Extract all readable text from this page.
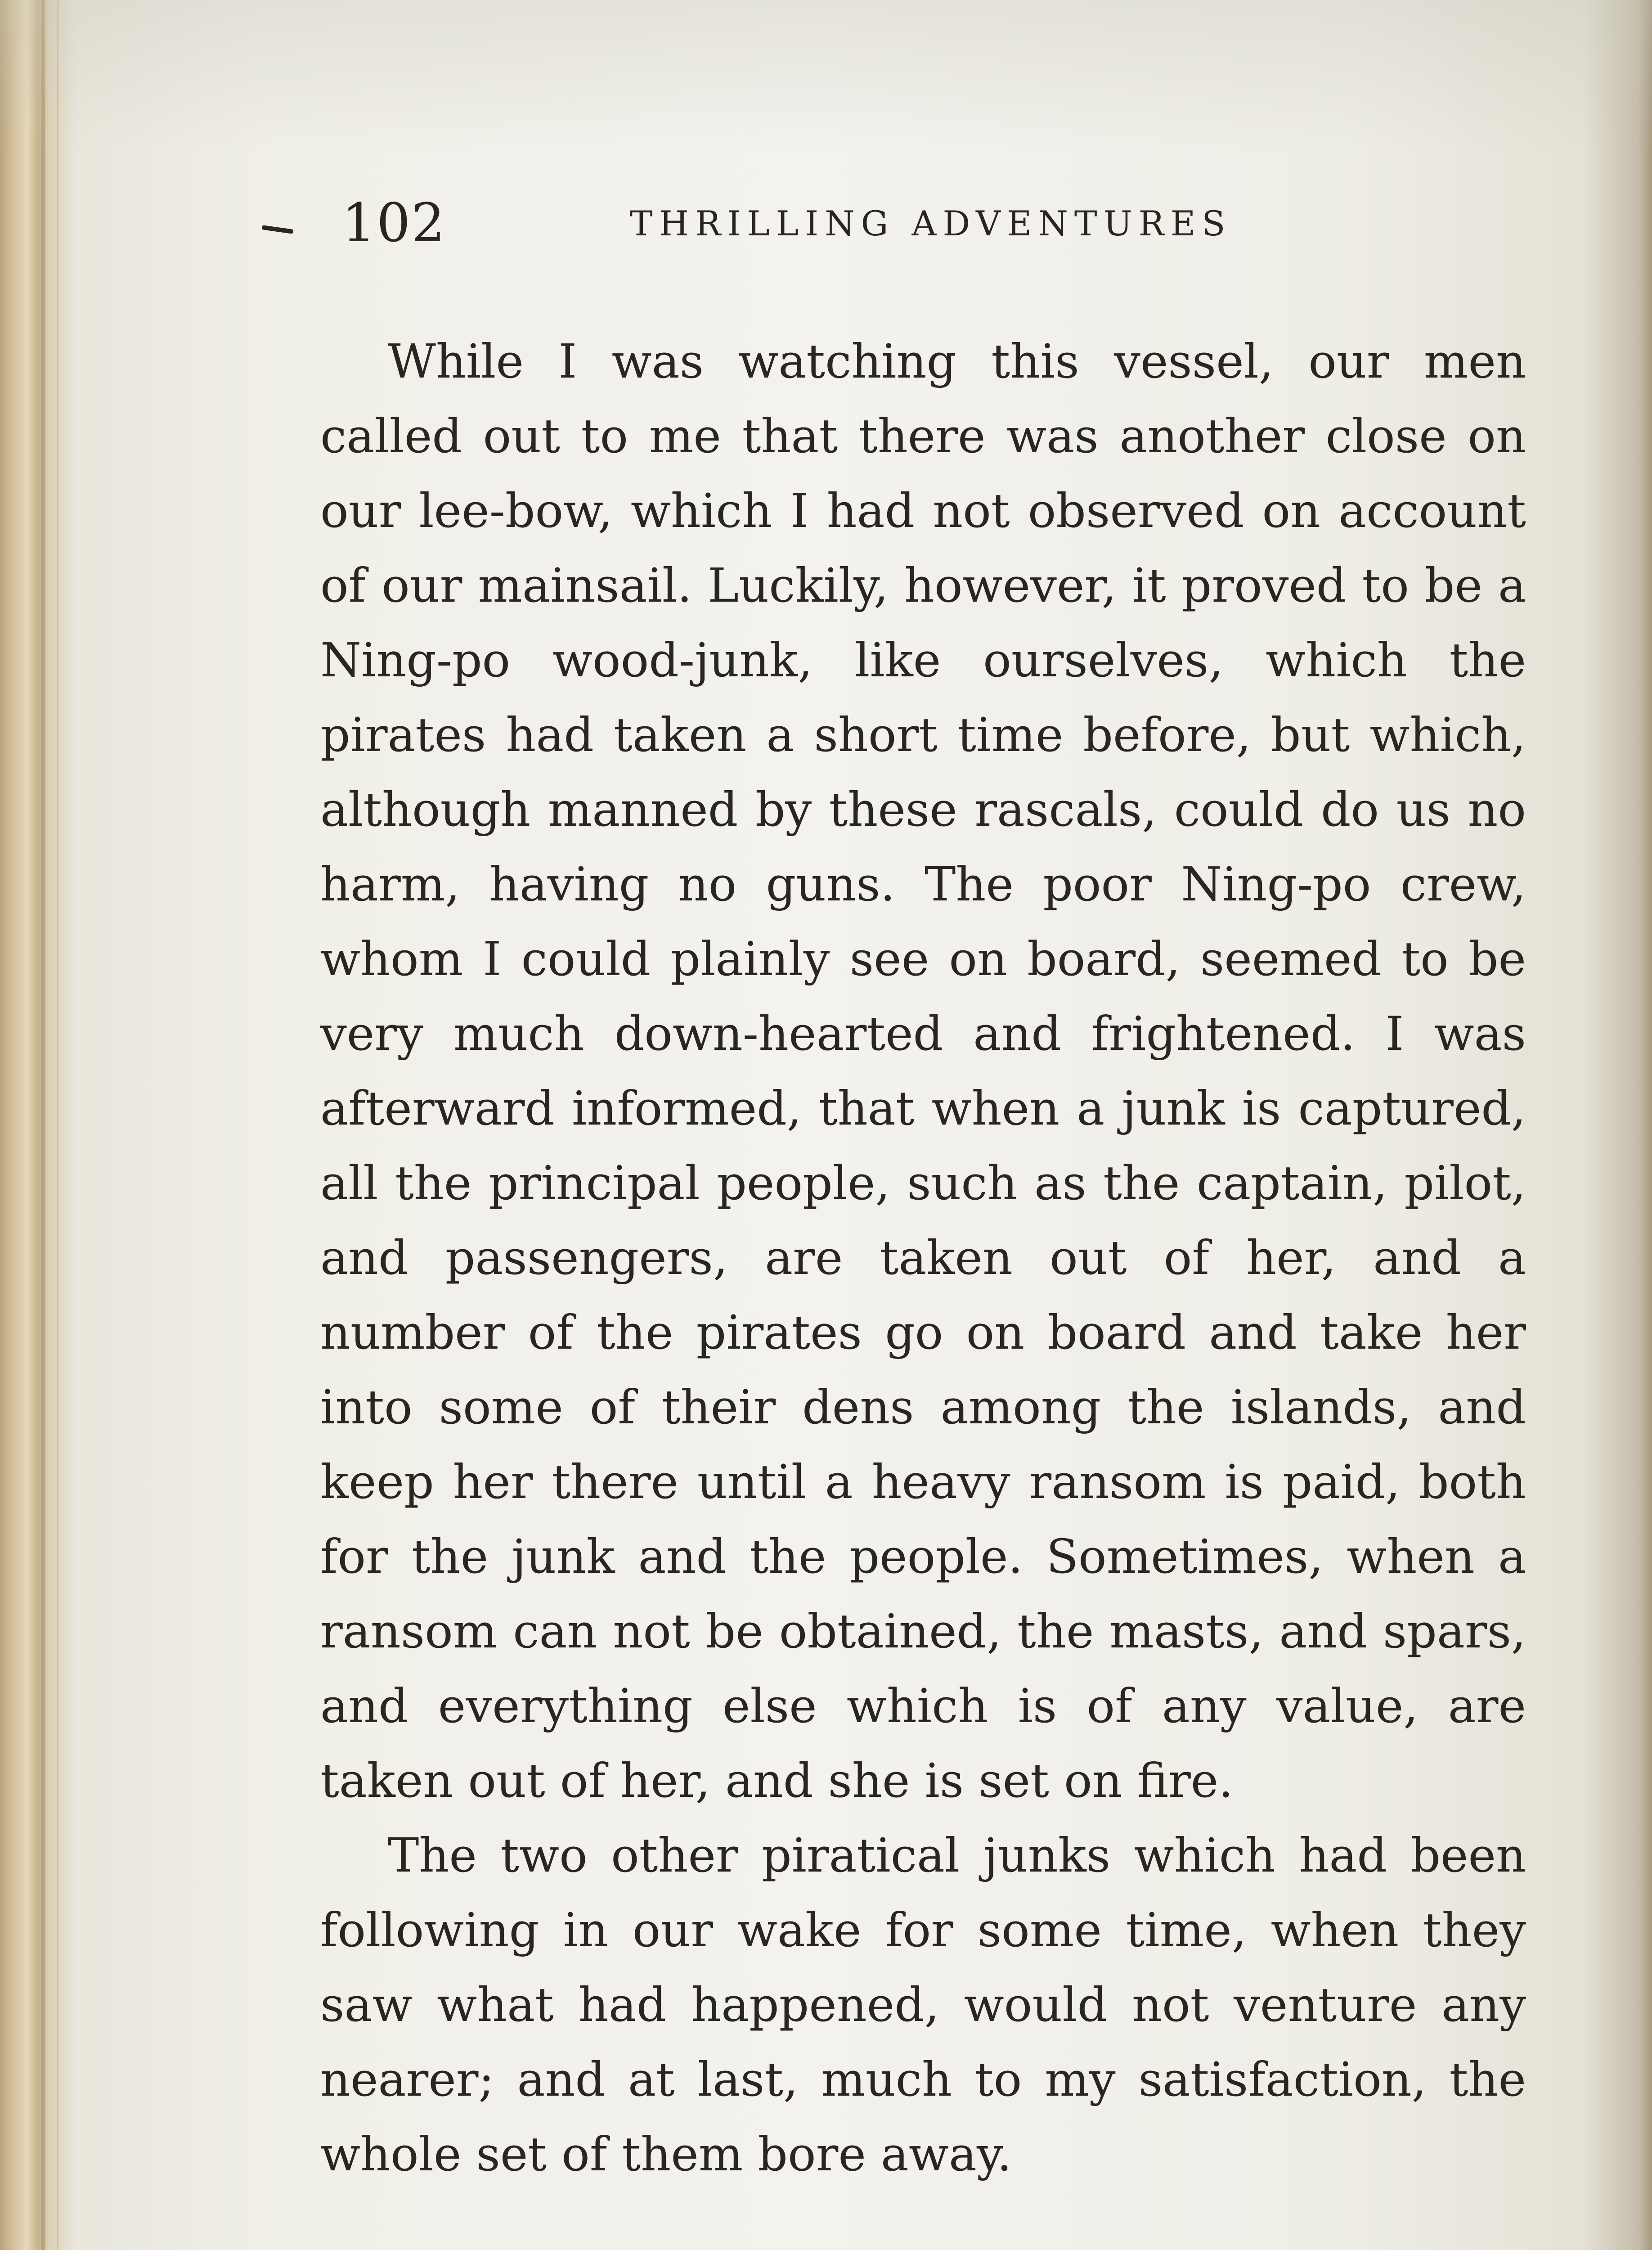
102	THRILLING ADVENTURES

While I was watching this vessel, our men called out to me that there was another close on our lee-bow, which I had not observed on account of our mainsail. Luckily, however, it proved to be a Ning-po wood-junk, like ourselves, which the pirates had taken a short time before, but which, although manned by these rascals, could do us no harm, having no guns. The poor Ning-po crew, whom I could plainly see on board, seemed to be very much down-hearted and frightened. I was afterward informed, that when a junk is captured, all the principal people, such as the captain, pilot, and passengers, are taken out of her, and a number of the pirates go on board and take her into some of their dens among the islands, and keep her there until a heavy ransom is paid, both for the junk and the people. Sometimes, when a ransom can not be obtained, the masts, and spars, and everything else which is of any value, are taken out of her, and she is set on fire.

The two other piratical junks which had been following in our wake for some time, when they saw what had happened, would not venture any nearer; and at last, much to my satisfaction, the whole set of them bore away.
